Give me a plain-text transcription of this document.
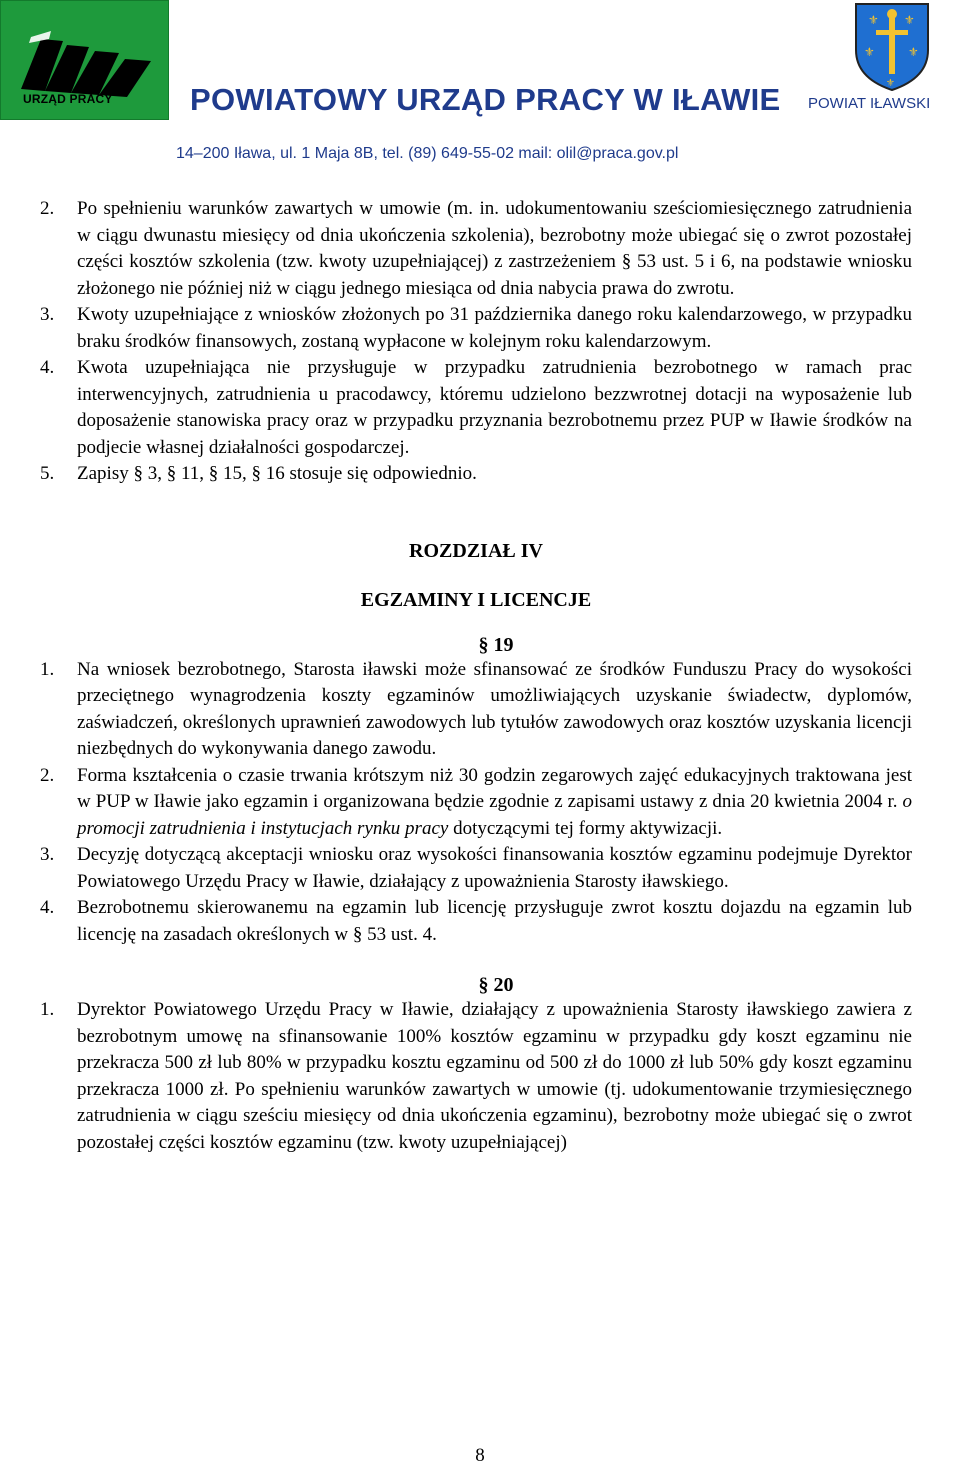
URZĄD PRACY POWIATOWY URZĄD PRACY W IŁAWIE
⚜ ⚜
⚜	⚜
⚜
POWIAT IŁAWSKI
14–200 Iława, ul. 1 Maja 8B, tel. (89) 649-55-02 mail: olil@praca.gov.pl

2. Po spełnieniu warunków zawartych w umowie (m. in. udokumentowaniu sześciomiesięcznego zatrudnienia w ciągu dwunastu miesięcy od dnia ukończenia szkolenia), bezrobotny może ubiegać się o zwrot pozostałej części kosztów szkolenia (tzw. kwoty uzupełniającej) z zastrzeżeniem § 53 ust. 5 i 6, na podstawie wniosku złożonego nie później niż w ciągu jednego miesiąca od dnia nabycia prawa do zwrotu.

3. Kwoty uzupełniające z wniosków złożonych po 31 października danego roku kalendarzowego, w przypadku braku środków finansowych, zostaną wypłacone w kolejnym roku kalendarzowym.

4. Kwota uzupełniająca nie przysługuje w przypadku zatrudnienia bezrobotnego w ramach prac interwencyjnych, zatrudnienia u pracodawcy, któremu udzielono bezzwrotnej dotacji na wyposażenie lub doposażenie stanowiska pracy oraz w przypadku przyznania bezrobotnemu przez PUP w Iławie środków na podjecie własnej działalności gospodarczej.

5. Zapisy § 3, § 11, § 15, § 16 stosuje się odpowiednio.

ROZDZIAŁ IV

EGZAMINY I LICENCJE

§ 19

1. Na wniosek bezrobotnego, Starosta iławski może sfinansować ze środków Funduszu Pracy do wysokości przeciętnego wynagrodzenia koszty egzaminów umożliwiających uzyskanie świadectw, dyplomów, zaświadczeń, określonych uprawnień zawodowych lub tytułów zawodowych oraz kosztów uzyskania licencji niezbędnych do wykonywania danego zawodu.

2. Forma kształcenia o czasie trwania krótszym niż 30 godzin zegarowych zajęć edukacyjnych traktowana jest w PUP w Iławie jako egzamin i organizowana będzie zgodnie z zapisami ustawy z dnia 20 kwietnia 2004 r. o promocji zatrudnienia i instytucjach rynku pracy dotyczącymi tej formy aktywizacji.

3. Decyzję dotyczącą akceptacji wniosku oraz wysokości finansowania kosztów egzaminu podejmuje Dyrektor Powiatowego Urzędu Pracy w Iławie, działający z upoważnienia Starosty iławskiego.

4. Bezrobotnemu skierowanemu na egzamin lub licencję przysługuje zwrot kosztu dojazdu na egzamin lub licencję na zasadach określonych w § 53 ust. 4.

§ 20

1. Dyrektor Powiatowego Urzędu Pracy w Iławie, działający z upoważnienia Starosty iławskiego zawiera z bezrobotnym umowę na sfinansowanie 100% kosztów egzaminu w przypadku gdy koszt egzaminu nie przekracza 500 zł lub 80% w przypadku kosztu egzaminu od 500 zł do 1000 zł lub 50% gdy koszt egzaminu przekracza 1000 zł. Po spełnieniu warunków zawartych w umowie (tj. udokumentowanie trzymiesięcznego zatrudnienia w ciągu sześciu miesięcy od dnia ukończenia egzaminu), bezrobotny może ubiegać się o zwrot pozostałej części kosztów egzaminu (tzw. kwoty uzupełniającej)

8
